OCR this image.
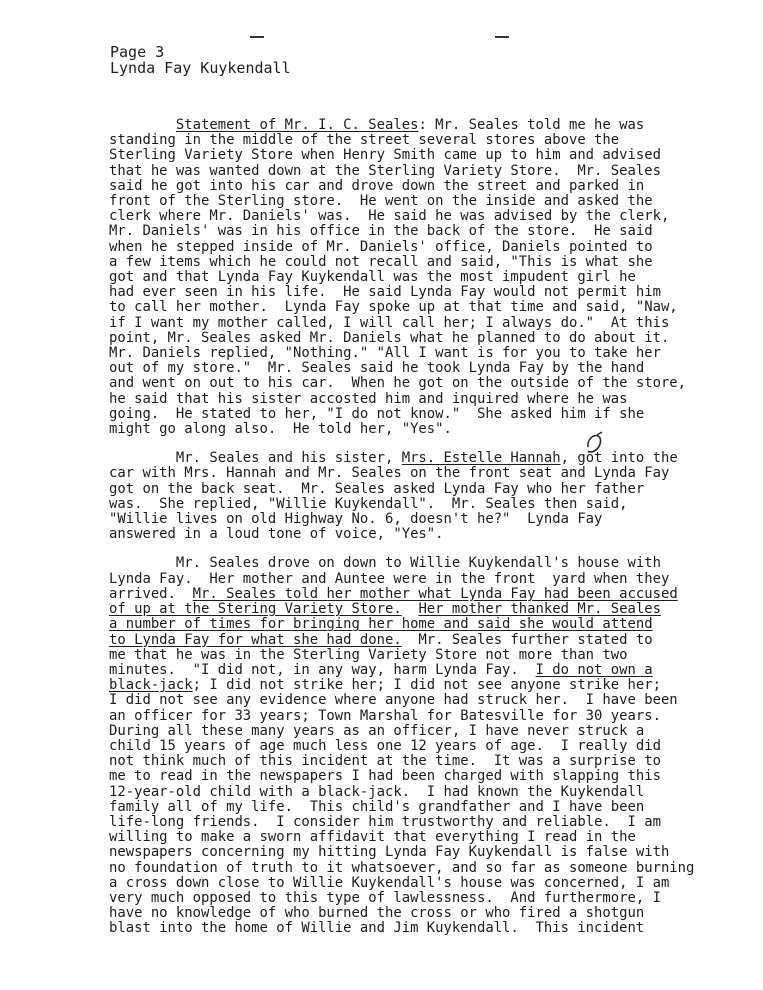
Page 3
Lynda Fay Kuykendall
Statement of Mr. I. C. Seales: Mr. Seales told me he was
standing in the middle of the street several stores above the
Sterling Variety Store when Henry Smith came up to him and advised
that he was wanted down at the Sterling Variety Store.  Mr. Seales
said he got into his car and drove down the street and parked in
front of the Sterling store.  He went on the inside and asked the
clerk where Mr. Daniels' was.  He said he was advised by the clerk,
Mr. Daniels' was in his office in the back of the store.  He said
when he stepped inside of Mr. Daniels' office, Daniels pointed to
a few items which he could not recall and said, "This is what she
got and that Lynda Fay Kuykendall was the most impudent girl he
had ever seen in his life.  He said Lynda Fay would not permit him
to call her mother.  Lynda Fay spoke up at that time and said, "Naw,
if I want my mother called, I will call her; I always do."  At this
point, Mr. Seales asked Mr. Daniels what he planned to do about it.
Mr. Daniels replied, "Nothing." "All I want is for you to take her
out of my store."  Mr. Seales said he took Lynda Fay by the hand
and went on out to his car.  When he got on the outside of the store,
he said that his sister accosted him and inquired where he was
going.  He stated to her, "I do not know."  She asked him if she
might go along also.  He told her, "Yes".
Mr. Seales and his sister, Mrs. Estelle Hannah, got into the
car with Mrs. Hannah and Mr. Seales on the front seat and Lynda Fay
got on the back seat.  Mr. Seales asked Lynda Fay who her father
was.  She replied, "Willie Kuykendall".  Mr. Seales then said,
"Willie lives on old Highway No. 6, doesn't he?"  Lynda Fay
answered in a loud tone of voice, "Yes".
Mr. Seales drove on down to Willie Kuykendall's house with
Lynda Fay.  Her mother and Auntee were in the front  yard when they
arrived.  Mr. Seales told her mother what Lynda Fay had been accused
of up at the Stering Variety Store. Her mother thanked Mr. Seales
a number of times for bringing her home and said she would attend
to Lynda Fay for what she had done.  Mr. Seales further stated to
me that he was in the Sterling Variety Store not more than two
minutes.  "I did not, in any way, harm Lynda Fay.  I do not own a
black-jack; I did not strike her; I did not see anyone strike her;
I did not see any evidence where anyone had struck her.  I have been
an officer for 33 years; Town Marshal for Batesville for 30 years.
During all these many years as an officer, I have never struck a
child 15 years of age much less one 12 years of age.  I really did
not think much of this incident at the time.  It was a surprise to
me to read in the newspapers I had been charged with slapping this
12-year-old child with a black-jack.  I had known the Kuykendall
family all of my life.  This child's grandfather and I have been
life-long friends.  I consider him trustworthy and reliable.  I am
willing to make a sworn affidavit that everything I read in the
newspapers concerning my hitting Lynda Fay Kuykendall is false with
no foundation of truth to it whatsoever, and so far as someone burning
a cross down close to Willie Kuykendall's house was concerned, I am
very much opposed to this type of lawlessness.  And furthermore, I
have no knowledge of who burned the cross or who fired a shotgun
blast into the home of Willie and Jim Kuykendall.  This incident
